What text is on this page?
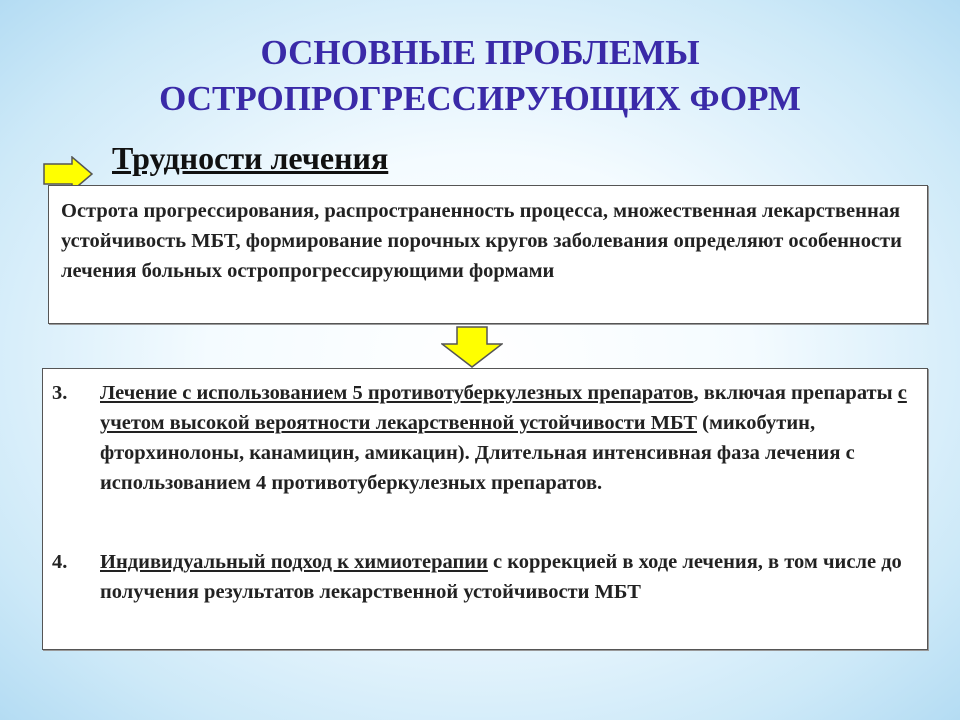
ОСНОВНЫЕ ПРОБЛЕМЫ
ОСТРОПРОГРЕССИРУЮЩИХ ФОРМ
Трудности лечения

Острота прогрессирования, распространенность процесса, множественная лекарственная устойчивость МБТ, формирование порочных кругов заболевания определяют особенности лечения больных остропрогрессирующими формами

3.	Лечение с использованием 5 противотуберкулезных препаратов, включая препараты с учетом высокой вероятности лекарственной устойчивости МБТ (микобутин, фторхинолоны, канамицин, амикацин). Длительная интенсивная фаза лечения с использованием 4 противотуберкулезных препаратов.
4.	Индивидуальный подход к химиотерапии с коррекцией в ходе лечения, в том числе до получения результатов лекарственной устойчивости МБТ
